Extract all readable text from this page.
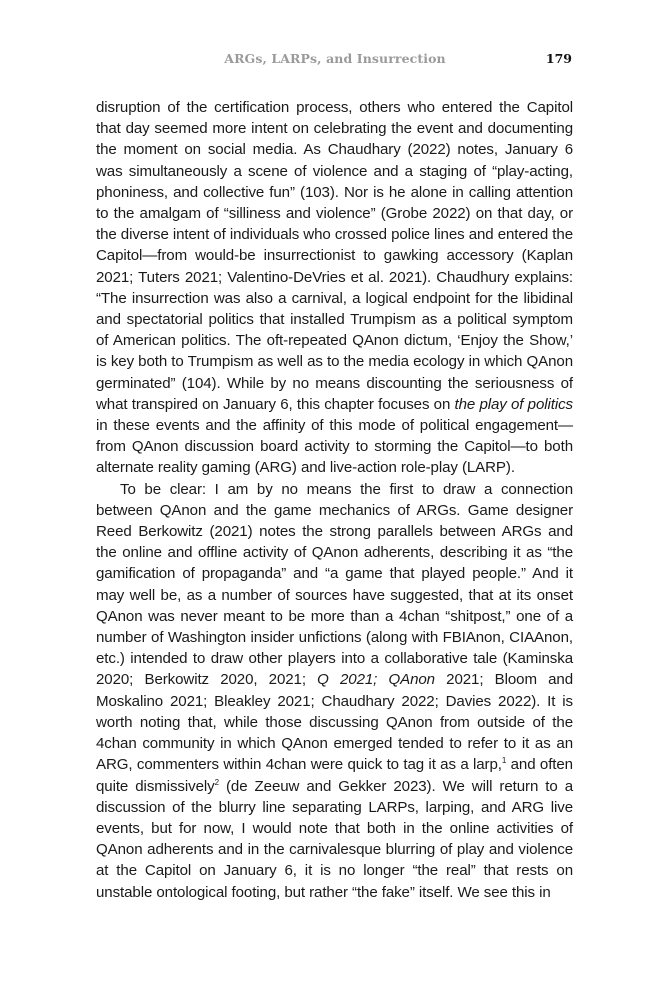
ARGs, LARPs, and Insurrection	179

disruption of the certification process, others who entered the Capitol that day seemed more intent on celebrating the event and documenting the moment on social media. As Chaudhary (2022) notes, January 6 was simultaneously a scene of violence and a staging of “play-acting, phoniness, and collective fun” (103). Nor is he alone in calling attention to the amalgam of “silliness and violence” (Grobe 2022) on that day, or the diverse intent of individuals who crossed police lines and entered the Capitol—from would-be insurrectionist to gawking accessory (Kaplan 2021; Tuters 2021; Valentino-DeVries et al. 2021). Chaudhury explains: “The insurrection was also a carnival, a logical endpoint for the libidinal and spectatorial politics that installed Trumpism as a political symptom of American politics. The oft-repeated QAnon dictum, ‘Enjoy the Show,’ is key both to Trumpism as well as to the media ecology in which QAnon germinated” (104). While by no means discounting the seriousness of what transpired on January 6, this chapter focuses on the play of politics in these events and the affinity of this mode of political engagement—from QAnon discussion board activity to storming the Capitol—to both alternate reality gaming (ARG) and live-action role-play (LARP).

To be clear: I am by no means the first to draw a connection between QAnon and the game mechanics of ARGs. Game designer Reed Berkowitz (2021) notes the strong parallels between ARGs and the online and offline activity of QAnon adherents, describing it as “the gamification of propaganda” and “a game that played people.” And it may well be, as a number of sources have suggested, that at its onset QAnon was never meant to be more than a 4chan “shitpost,” one of a number of Washington insider unfictions (along with FBIAnon, CIAAnon, etc.) intended to draw other players into a collaborative tale (Kaminska 2020; Berkowitz 2020, 2021; Q 2021; QAnon 2021; Bloom and Moskalino 2021; Bleakley 2021; Chaudhary 2022; Davies 2022). It is worth noting that, while those discussing QAnon from outside of the 4chan community in which QAnon emerged tended to refer to it as an ARG, commenters within 4chan were quick to tag it as a larp,$^1$ and often quite dismissively$^2$ (de Zeeuw and Gekker 2023). We will return to a discussion of the blurry line separating LARPs, larping, and ARG live events, but for now, I would note that both in the online activities of QAnon adherents and in the carnivalesque blurring of play and violence at the Capitol on January 6, it is no longer “the real” that rests on unstable ontological footing, but rather “the fake” itself. We see this in
